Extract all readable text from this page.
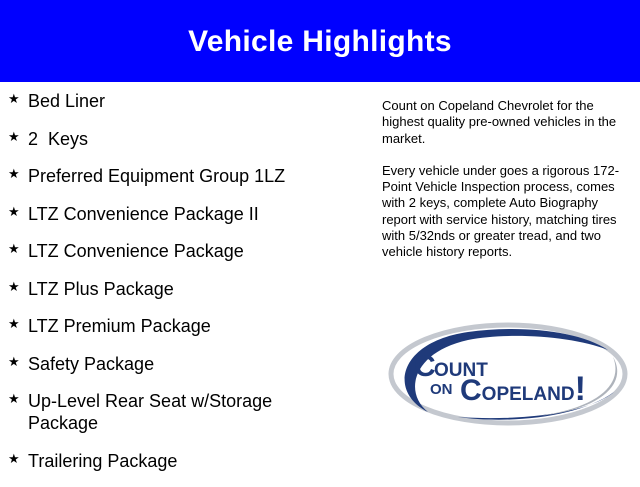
Vehicle Highlights
★ Bed Liner
★ 2  Keys
★ Preferred Equipment Group 1LZ
★ LTZ Convenience Package II
★ LTZ Convenience Package
★ LTZ Plus Package
★ LTZ Premium Package
★ Safety Package
★ Up-Level Rear Seat w/Storage Package
★ Trailering Package

Count on Copeland Chevrolet for the highest quality pre-owned vehicles in the market.

Every vehicle under goes a rigorous 172-Point Vehicle Inspection process, comes with 2 keys, complete Auto Biography report with service history, matching tires with 5/32nds or greater tread, and two vehicle history reports.

C
OUNT
ON COPELAND!
